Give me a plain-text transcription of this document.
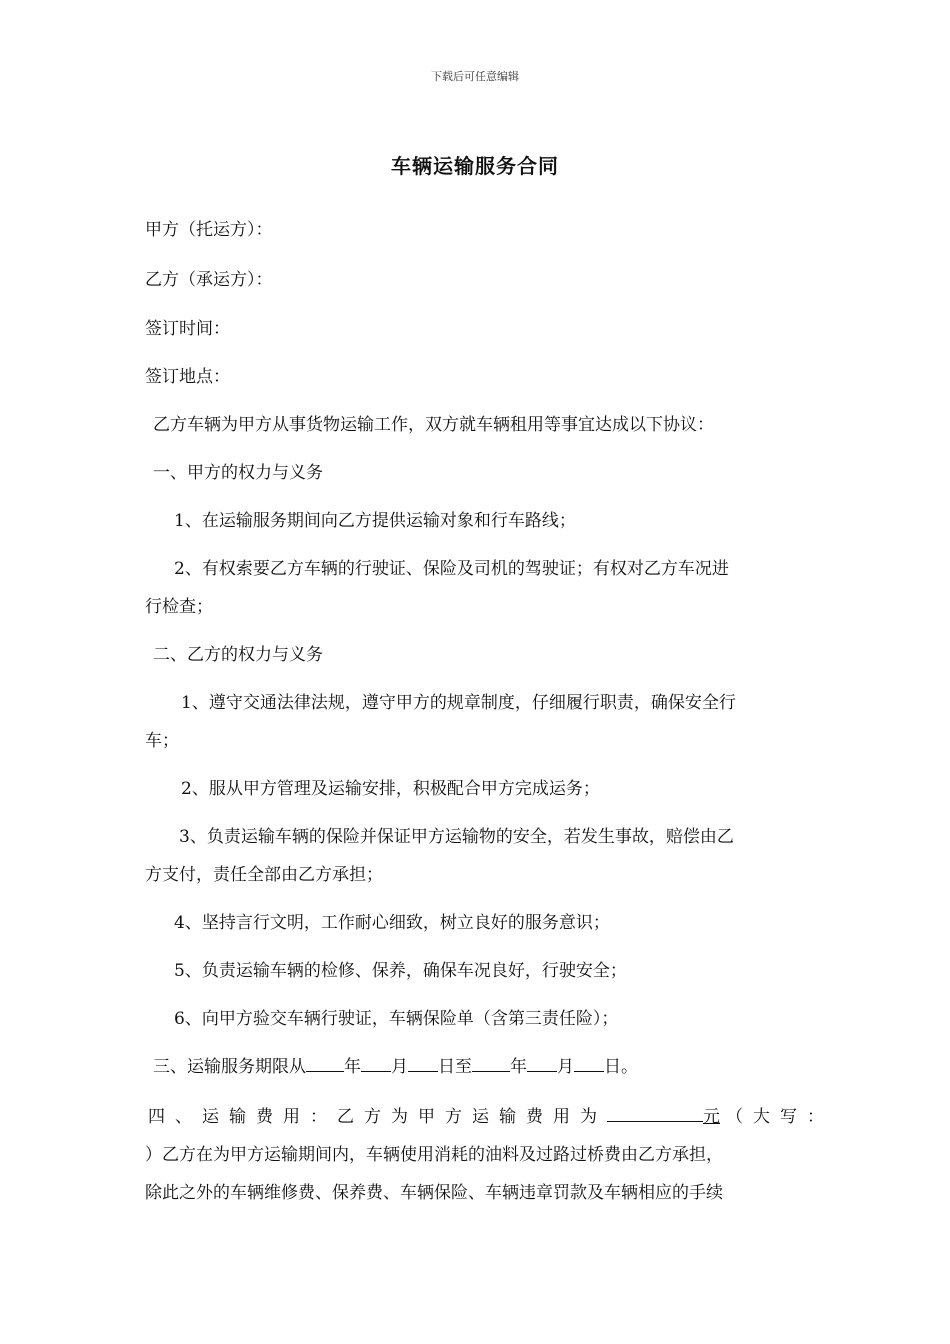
下载后可任意编辑
车辆运输服务合同
甲方（托运方）：
乙方（承运方）：
签订时间：
签订地点：
乙方车辆为甲方从事货物运输工作，双方就车辆租用等事宜达成以下协议：
一、甲方的权力与义务
1、在运输服务期间向乙方提供运输对象和行车路线；
2、有权索要乙方车辆的行驶证、保险及司机的驾驶证；有权对乙方车况进
行检查；
二、乙方的权力与义务
1、遵守交通法律法规，遵守甲方的规章制度，仔细履行职责，确保安全行
车；
2、服从甲方管理及运输安排，积极配合甲方完成运务；
3、负责运输车辆的保险并保证甲方运输物的安全，若发生事故，赔偿由乙
方支付，责任全部由乙方承担；
4、坚持言行文明，工作耐心细致，树立良好的服务意识；
5、负责运输车辆的检修、保养，确保车况良好，行驶安全；
6、向甲方验交车辆行驶证，车辆保险单（含第三责任险）；
三、运输服务期限从 年 月 日至 年 月 日。
四、运输费用：乙方为甲方运输费用为	元 （大写：
）乙方在为甲方运输期间内，车辆使用消耗的油料及过路过桥费由乙方承担，
除此之外的车辆维修费、保养费、车辆保险、车辆违章罚款及车辆相应的手续
